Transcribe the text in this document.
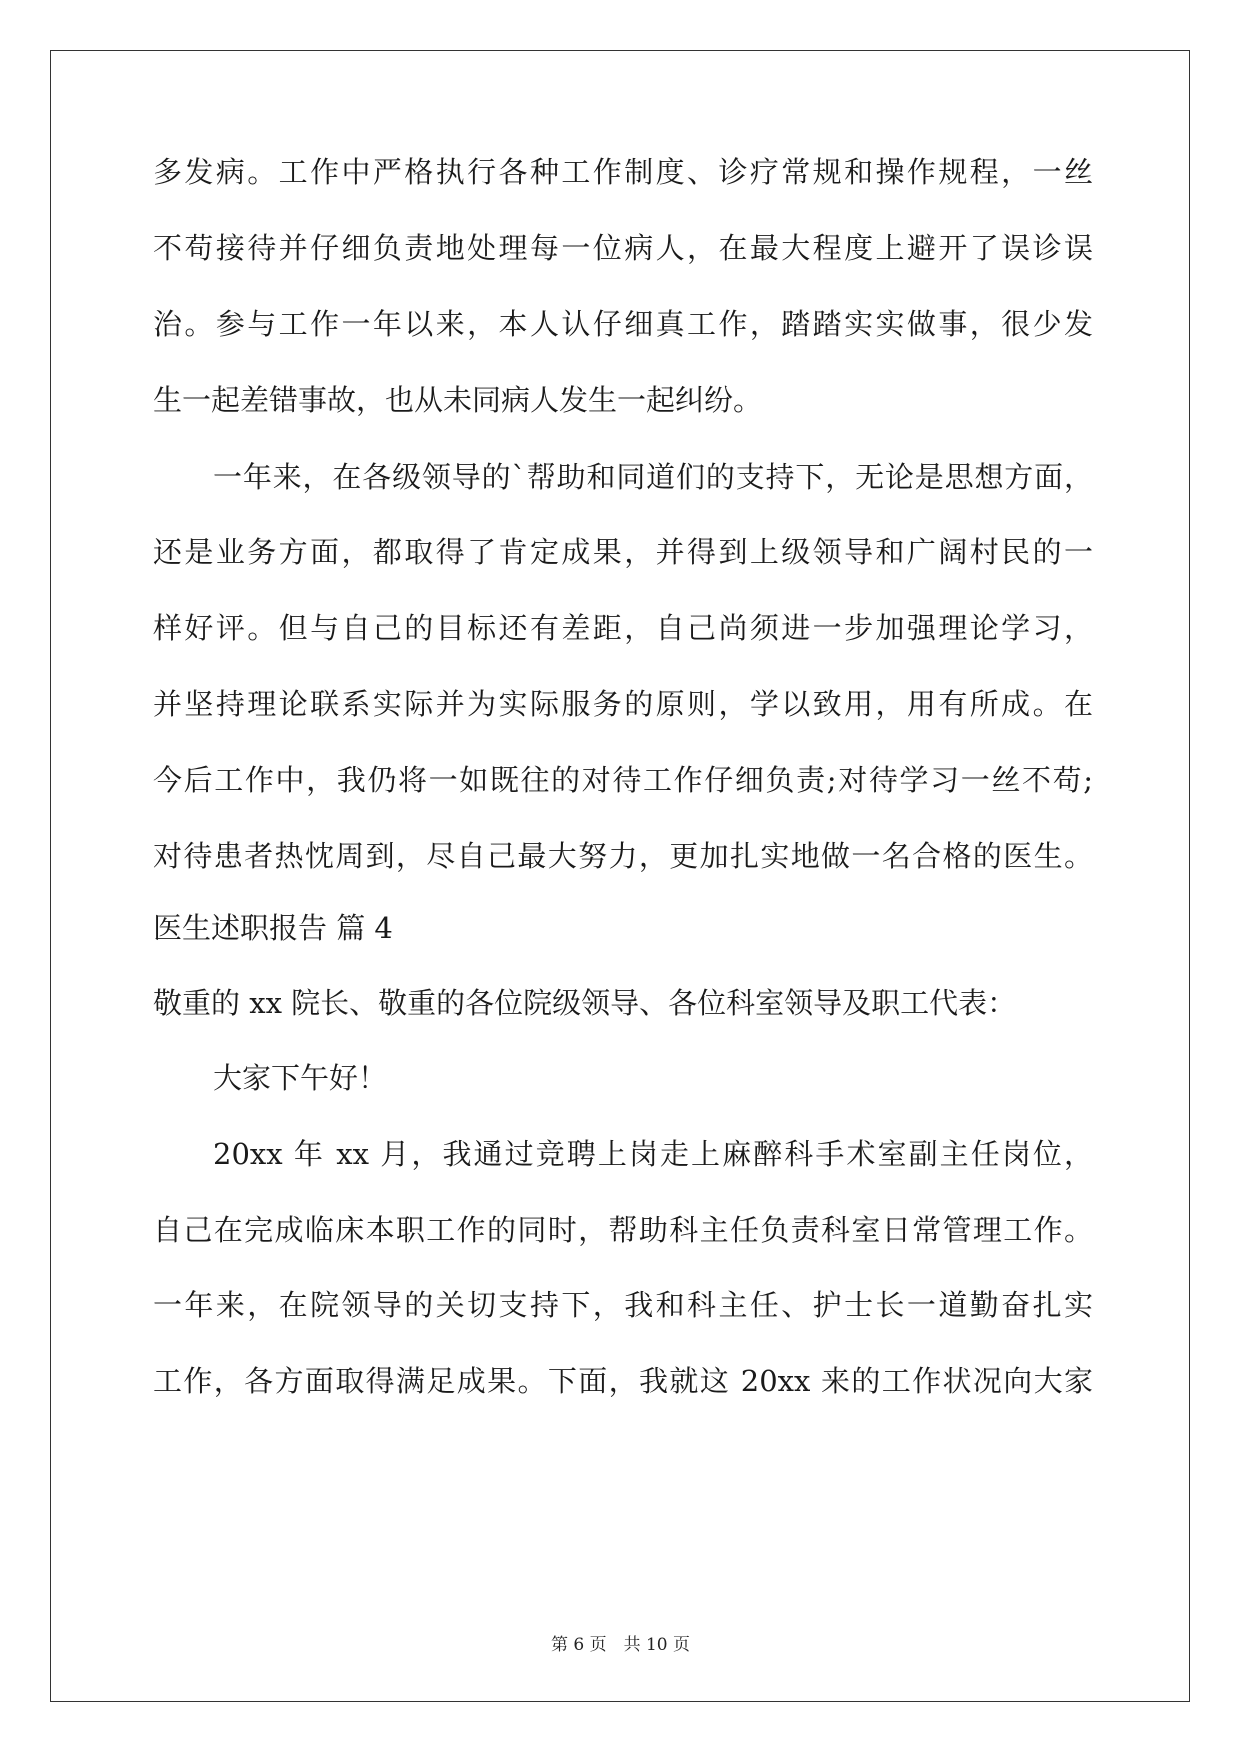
多发病。工作中严格执行各种工作制度、诊疗常规和操作规程，一丝
不苟接待并仔细负责地处理每一位病人，在最大程度上避开了误诊误
治。参与工作一年以来，本人认仔细真工作，踏踏实实做事，很少发
生一起差错事故，也从未同病人发生一起纠纷。
一年来，在各级领导的`帮助和同道们的支持下，无论是思想方面，
还是业务方面，都取得了肯定成果，并得到上级领导和广阔村民的一
样好评。但与自己的目标还有差距，自己尚须进一步加强理论学习，
并坚持理论联系实际并为实际服务的原则，学以致用，用有所成。在
今后工作中，我仍将一如既往的对待工作仔细负责;对待学习一丝不苟;
对待患者热忱周到，尽自己最大努力，更加扎实地做一名合格的医生。
医生述职报告 篇 4
敬重的 xx 院长、敬重的各位院级领导、各位科室领导及职工代表：
大家下午好！
20xx 年 xx 月，我通过竞聘上岗走上麻醉科手术室副主任岗位，
自己在完成临床本职工作的同时，帮助科主任负责科室日常管理工作。
一年来，在院领导的关切支持下，我和科主任、护士长一道勤奋扎实
工作，各方面取得满足成果。下面，我就这 20xx 来的工作状况向大家
第 6 页　共 10 页
